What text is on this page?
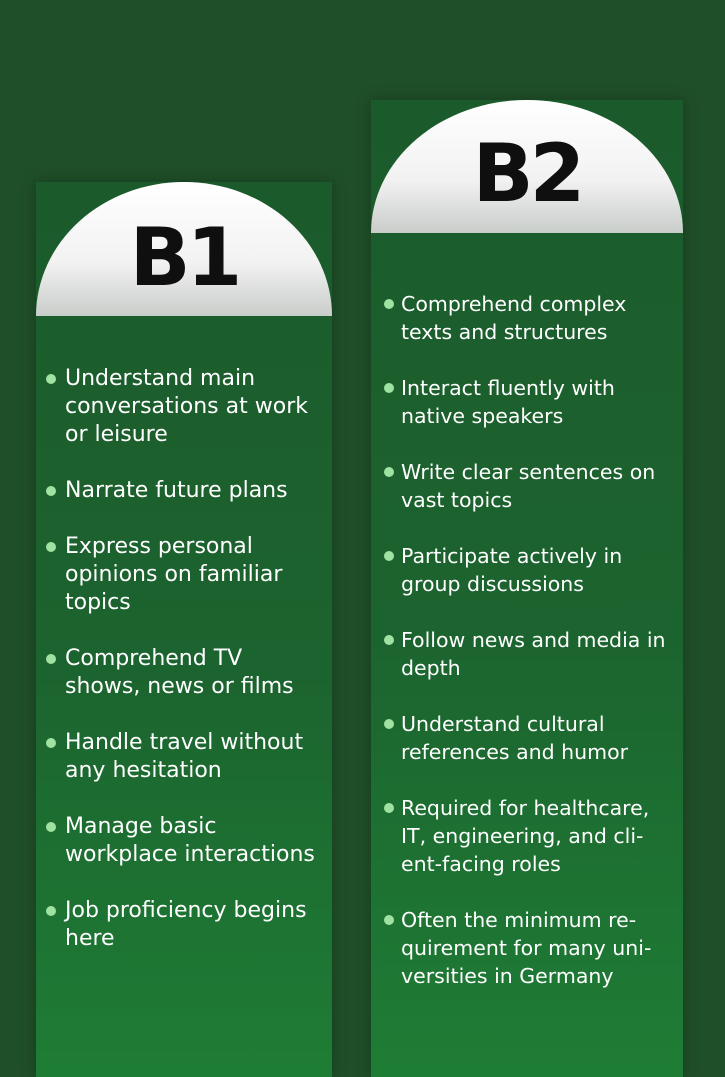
B1
Understand main conversations at work or leisure
Narrate future plans
Express personal opinions on familiar topics
Comprehend TV shows, news or films
Handle travel without any hesitation
Manage basic workplace interactions
Job proficiency begins here
B2
Comprehend complex texts and structures
Interact fluently with native speakers
Write clear sentences on vast topics
Participate actively in group discussions
Follow news and media in depth
Understand cultural references and humor
Required for healthcare, IT, engineering, and cli-ent-facing roles
Often the minimum re-quirement for many uni-versities in Germany
